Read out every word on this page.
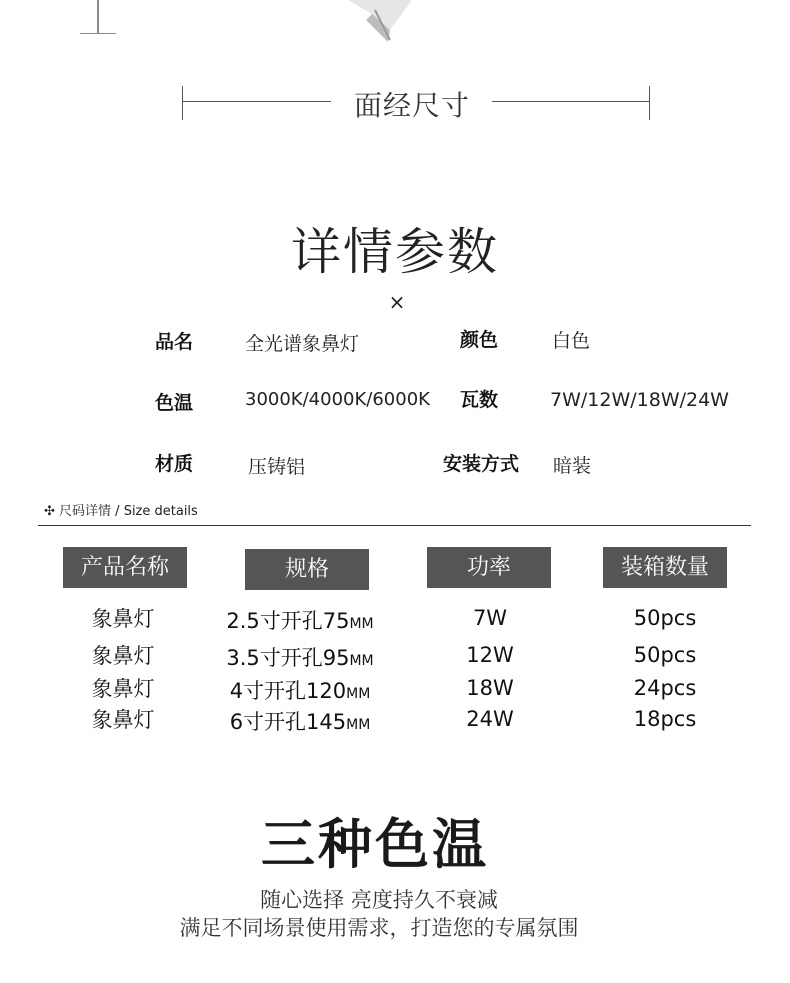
面经尺寸
详情参数
×
品名	全光谱象鼻灯	颜色	白色
色温	3000K/4000K/6000K 瓦数	7W/12W/18W/24W
材质	压铸铝	安装方式 暗装
✣ 尺码详情 / Size details
产品名称	规格	功率	装箱数量
象鼻灯	2.5寸开孔75MM	7W	50pcs
象鼻灯	3.5寸开孔95MM	12W	50pcs
象鼻灯	4寸开孔120MM	18W	24pcs
象鼻灯	6寸开孔145MM	24W	18pcs
三种色温
随心选择 亮度持久不衰减
满足不同场景使用需求，打造您的专属氛围
